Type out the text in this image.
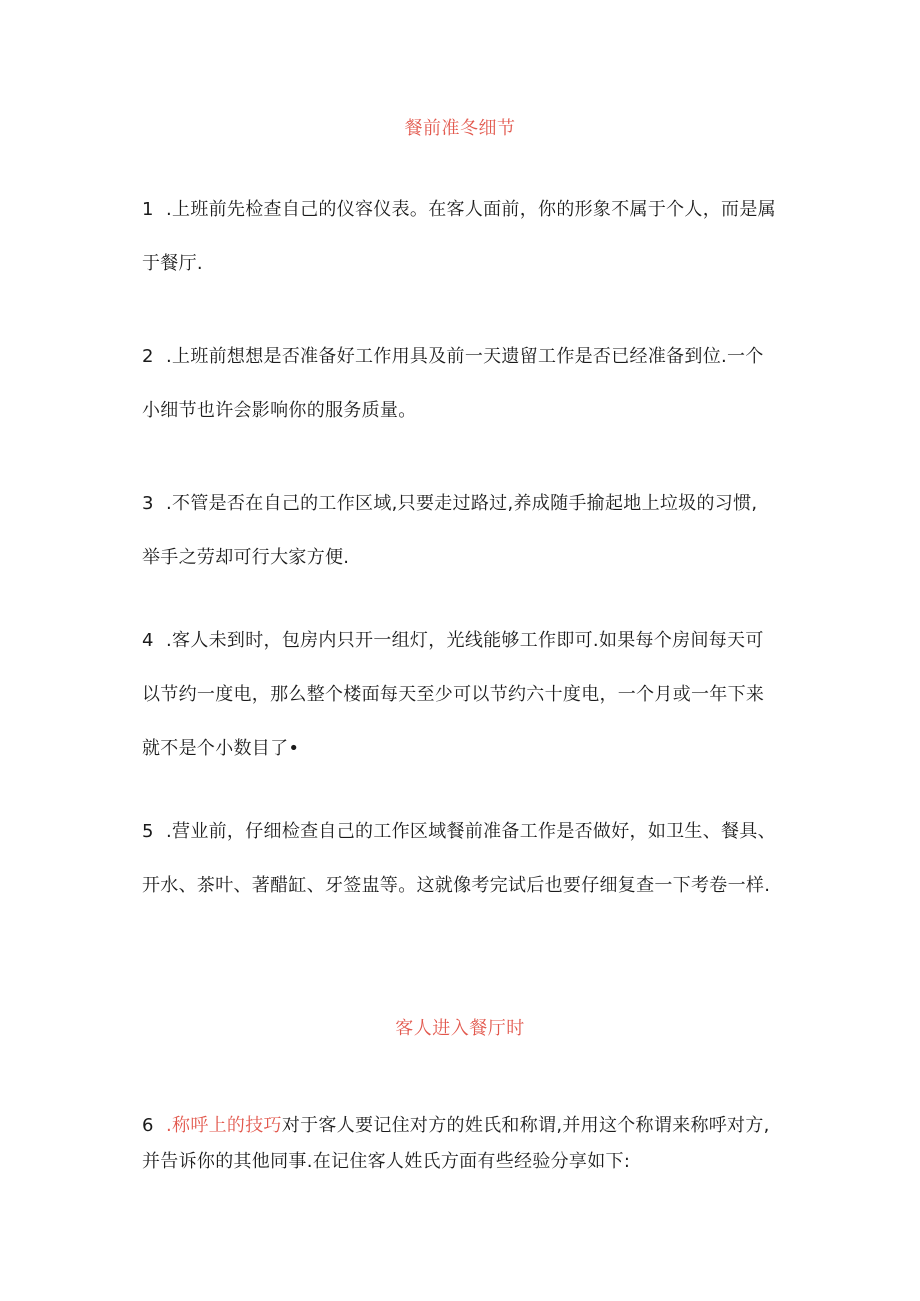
餐前准冬细节

1 .上班前先检查自己的仪容仪表。在客人面前，你的形象不属于个人，而是属
于餐厅.

2 .上班前想想是否准备好工作用具及前一天遗留工作是否已经准备到位.一个
小细节也许会影响你的服务质量。

3 .不管是否在自己的工作区域,只要走过路过,养成随手揄起地上垃圾的习惯,
举手之劳却可行大家方便.

4 .客人未到时，包房内只开一组灯，光线能够工作即可.如果每个房间每天可
以节约一度电，那么整个楼面每天至少可以节约六十度电，一个月或一年下来
就不是个小数目了•

5 .营业前，仔细检查自己的工作区域餐前准备工作是否做好，如卫生、餐具、
开水、茶叶、著醋缸、牙签盅等。这就像考完试后也要仔细复查一下考卷一样.

客人进入餐厅时

6 .称呼上的技巧对于客人要记住对方的姓氏和称谓,并用这个称谓来称呼对方,
并告诉你的其他同事.在记住客人姓氏方面有些经验分享如下:
